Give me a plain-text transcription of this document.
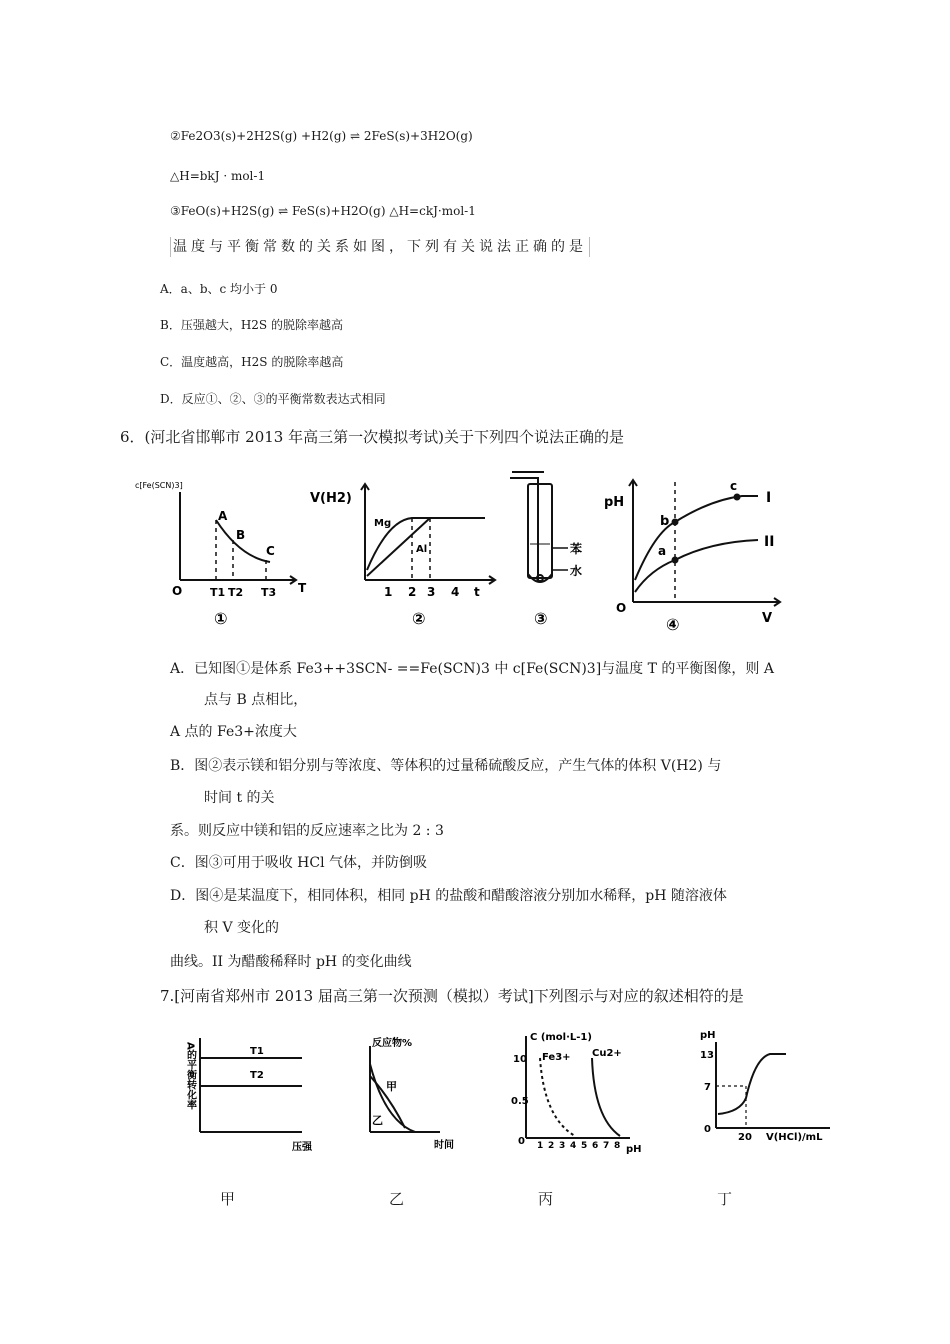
②Fe2O3(s)+2H2S(g) +H2(g) ⇌ 2FeS(s)+3H2O(g)
△H=bkJ · mol-1
③FeO(s)+H2S(g) ⇌ FeS(s)+H2O(g) △H=ckJ·mol-1
温度与平衡常数的关系如图，下列有关说法正确的是
A．a、b、c 均小于 0
B．压强越大，H2S 的脱除率越高
C．温度越高，H2S 的脱除率越高
D．反应①、②、③的平衡常数表达式相同
6．(河北省邯郸市 2013 年高三第一次模拟考试)关于下列四个说法正确的是
c[Fe(SCN)3]
O	T
T1 T2 T3
A
B
C
①
V(H2)
Mg
Al
1 2 3 4 t
②
苯
水
③
pH
O
a
b
c
I
II
V
④
A．已知图①是体系 Fe3++3SCN- ==Fe(SCN)3 中 c[Fe(SCN)3]与温度 T 的平衡图像，则 A
点与 B 点相比，
A 点的 Fe3+浓度大
B．图②表示镁和铝分别与等浓度、等体积的过量稀硫酸反应，产生气体的体积 V(H2) 与
时间 t 的关
系。则反应中镁和铝的反应速率之比为 2 : 3
C．图③可用于吸收 HCl 气体，并防倒吸
D．图④是某温度下，相同体积，相同 pH 的盐酸和醋酸溶液分别加水稀释，pH 随溶液体
积 V 变化的
曲线。II 为醋酸稀释时 pH 的变化曲线
7.[河南省郑州市 2013 届高三第一次预测（模拟）考试]下列图示与对应的叙述相符的是
A的平衡转化率	T1
T2
压强
反应物%
甲
乙
时间
C (mol·L-1)
10
0.5
0
Fe3+ Cu2+
1 2 3 4 5 6 7 8 pH
pH
13
7
0
20 V(HCl)/mL
甲	乙	丙	丁
